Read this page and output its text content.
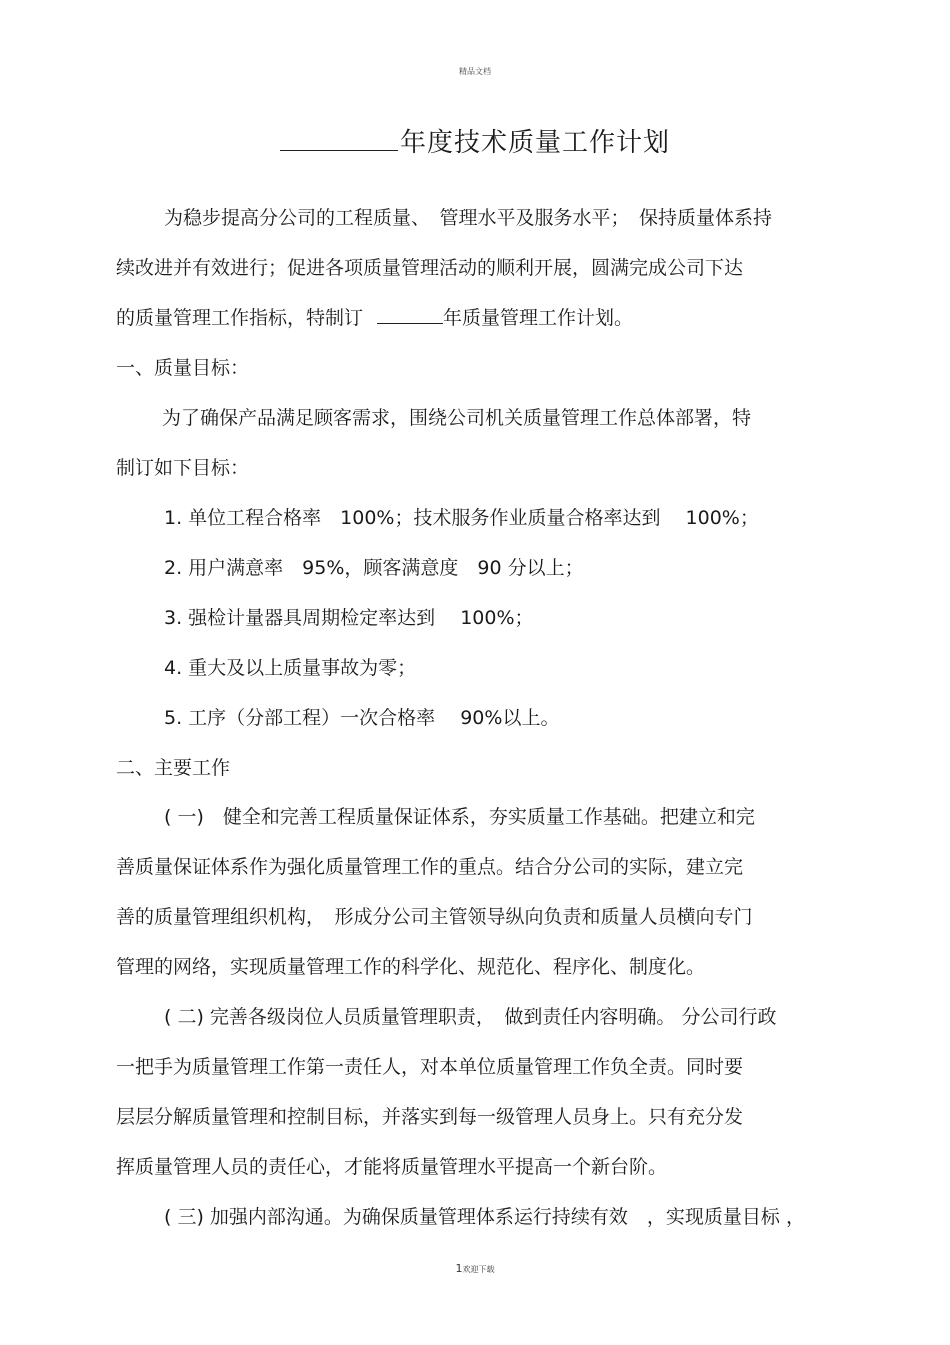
精品文档
年度技术质量工作计划
为稳步提高分公司的工程质量、　管理水平及服务水平；　保持质量体系持
续改进并有效进行；促进各项质量管理活动的顺利开展，圆满完成公司下达
的质量管理工作指标，特制订	年质量管理工作计划。
一、质量目标：
为了确保产品满足顾客需求，围绕公司机关质量管理工作总体部署，特
制订如下目标：
1. 单位工程合格率　100%；技术服务作业质量合格率达到　 100%；
2. 用户满意率　95%，顾客满意度　90 分以上；
3. 强检计量器具周期检定率达到　 100%；
4. 重大及以上质量事故为零；
5. 工序（分部工程）一次合格率　 90%以上。
二、主要工作
( 一)　健全和完善工程质量保证体系，夯实质量工作基础。把建立和完
善质量保证体系作为强化质量管理工作的重点。结合分公司的实际，建立完
善的质量管理组织机构，　形成分公司主管领导纵向负责和质量人员横向专门
管理的网络，实现质量管理工作的科学化、规范化、程序化、制度化。
( 二) 完善各级岗位人员质量管理职责，　做到责任内容明确。 分公司行政
一把手为质量管理工作第一责任人，对本单位质量管理工作负全责。同时要
层层分解质量管理和控制目标，并落实到每一级管理人员身上。只有充分发
挥质量管理人员的责任心，才能将质量管理水平提高一个新台阶。
( 三) 加强内部沟通。为确保质量管理体系运行持续有效　，实现质量目标 ，
1欢迎下载
